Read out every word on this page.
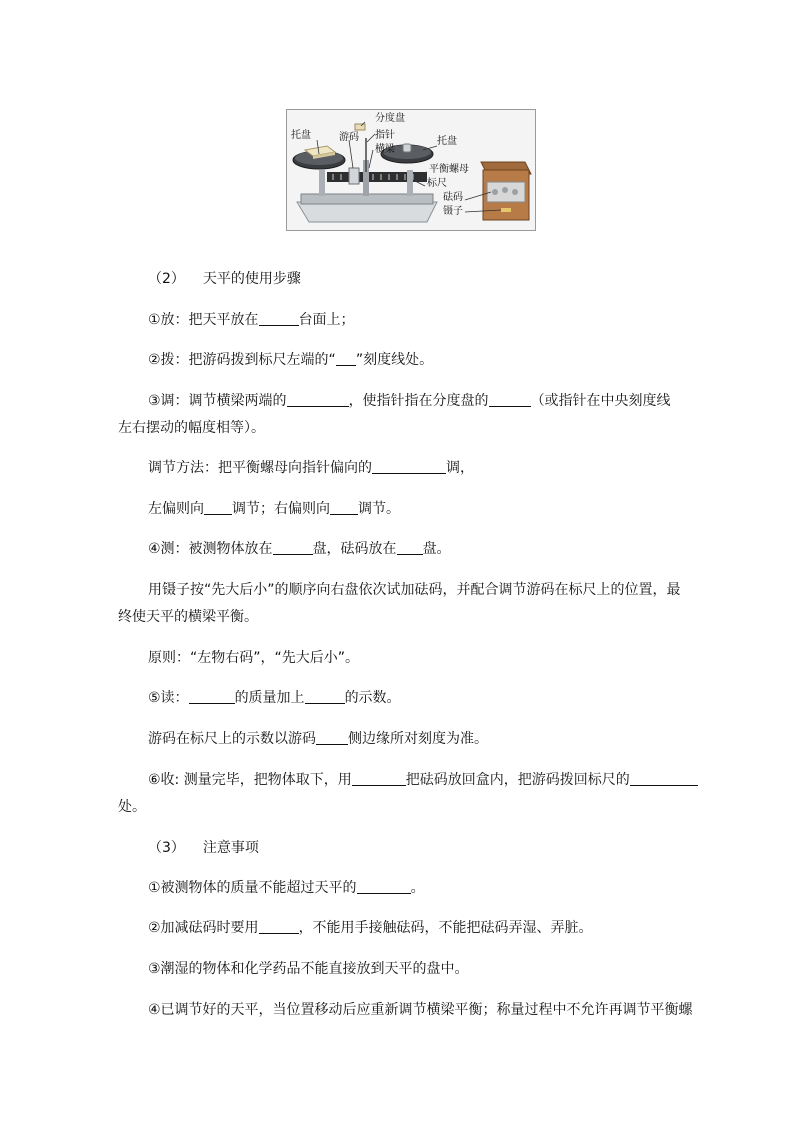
托盘
分度盘
游码 指针
横梁
托盘
平衡螺母
标尺
砝码
镊子
（2） 天平的使用步骤
①放：把天平放在	台面上；
②拨：把游码拨到标尺左端的“ ”刻度线处。
③调：调节横梁两端的	，使指针指在分度盘的	（或指针在中央刻度线
左右摆动的幅度相等）。
调节方法：把平衡螺母向指针偏向的	调，
左偏则向 调节；右偏则向 调节。
④测：被测物体放在	盘，砝码放在 盘。
用镊子按“先大后小”的顺序向右盘依次试加砝码，并配合调节游码在标尺上的位置，最
终使天平的横梁平衡。
原则：“左物右码”，“先大后小”。
⑤读：	的质量加上	的示数。
游码在标尺上的示数以游码 侧边缘所对刻度为准。
⑥收: 测量完毕，把物体取下，用	把砝码放回盒内，把游码拨回标尺的
处。
（3） 注意事项
①被测物体的质量不能超过天平的	。
②加减砝码时要用	，不能用手接触砝码，不能把砝码弄湿、弄脏。
③潮湿的物体和化学药品不能直接放到天平的盘中。
④已调节好的天平，当位置移动后应重新调节横梁平衡；称量过程中不允许再调节平衡螺
